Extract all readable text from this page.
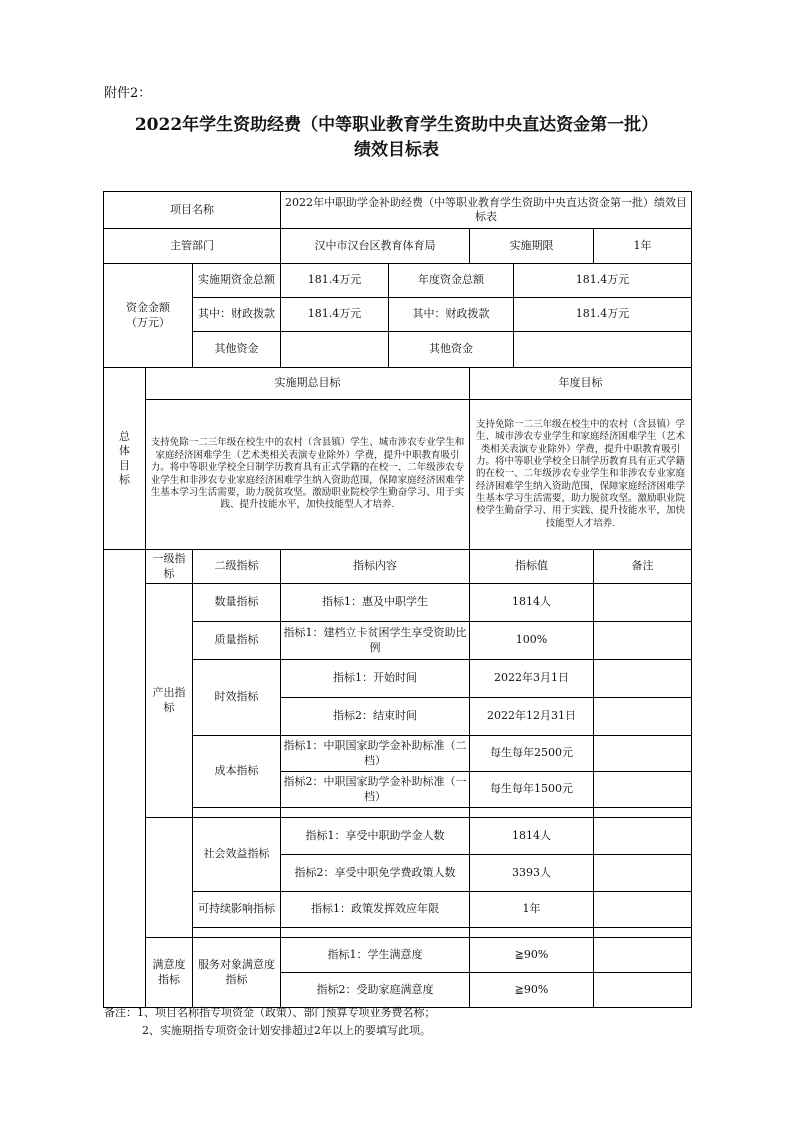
附件2：
2022年学生资助经费（中等职业教育学生资助中央直达资金第一批）
绩效目标表
项目名称			2022年中职助学金补助经费（中等职业教育学生资助中央直达资金第一批）绩效目标表				
主管部门			汉中市汉台区教育体育局		实施期限		1年
资金金额
（万元）		实施期资金总额	181.4万元	年度资金总额		181.4万元	
		其中：财政拨款	181.4万元	其中：财政拨款		181.4万元	
		其他资金		其他资金			
总体目标	实施期总目标				年度目标		
	支持免除一二三年级在校生中的农村（含县镇）学生、城市涉农专业学生和家庭经济困难学生（艺术类相关表演专业除外）学费，提升中职教育吸引力。将中等职业学校全日制学历教育具有正式学籍的在校一、二年级涉农专业学生和非涉农专业家庭经济困难学生纳入资助范围，保障家庭经济困难学生基本学习生活需要，助力脱贫攻坚。激励职业院校学生勤奋学习、用于实践、提升技能水平，加快技能型人才培养.				支持免除一二三年级在校生中的农村（含县镇）学生、城市涉农专业学生和家庭经济困难学生（艺术类相关表演专业除外）学费，提升中职教育吸引力。将中等职业学校全日制学历教育具有正式学籍的在校一、二年级涉农专业学生和非涉农专业家庭经济困难学生纳入资助范围，保障家庭经济困难学生基本学习生活需要，助力脱贫攻坚。激励职业院校学生勤奋学习、用于实践、提升技能水平，加快技能型人才培养.		
	一级指标	二级指标	指标内容		指标值		备注
	产出指标	数量指标	指标1：惠及中职学生		1814人		
		质量指标	指标1：建档立卡贫困学生享受资助比例		100%		
		时效指标	指标1：开始时间		2022年3月1日		
			指标2：结束时间		2022年12月31日		
		成本指标	指标1：中职国家助学金补助标准（二档）		每生每年2500元		
			指标2：中职国家助学金补助标准（一档）		每生每年1500元		

		社会效益指标	指标1：享受中职助学金人数		1814人		
			指标2：享受中职免学费政策人数		3393人		
		可持续影响指标	指标1：政策发挥效应年限		1年		

	满意度指标	服务对象满意度指标	指标1：学生满意度		≧90%		
			指标2：受助家庭满意度		≧90%		
备注：1、项目名称指专项资金（政策）、部门预算专项业务费名称；
2、实施期指专项资金计划安排超过2年以上的要填写此项。
